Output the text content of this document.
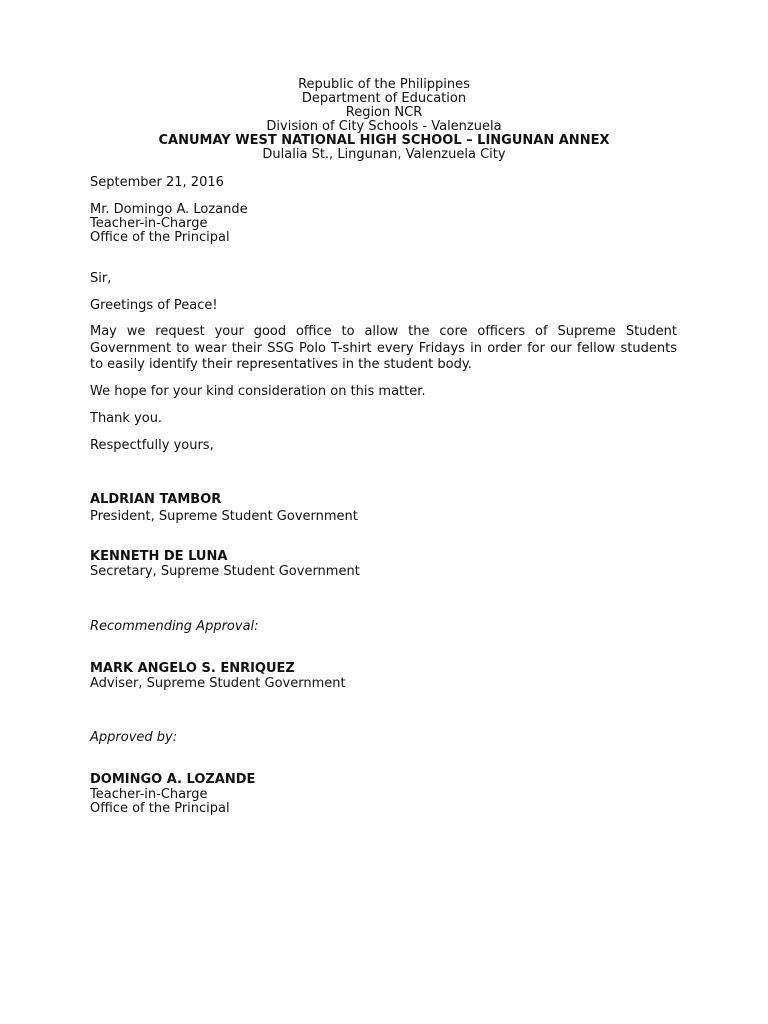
Republic of the Philippines
Department of Education
Region NCR
Division of City Schools - Valenzuela
CANUMAY WEST NATIONAL HIGH SCHOOL – LINGUNAN ANNEX
Dulalia St., Lingunan, Valenzuela City
September 21, 2016
Mr. Domingo A. Lozande
Teacher-in-Charge
Office of the Principal
Sir,
Greetings of Peace!
May we request your good office to allow the core officers of Supreme Student Government to wear their SSG Polo T-shirt every Fridays in order for our fellow students to easily identify their representatives in the student body.
We hope for your kind consideration on this matter.
Thank you.
Respectfully yours,
ALDRIAN TAMBOR
President, Supreme Student Government
KENNETH DE LUNA
Secretary, Supreme Student Government
Recommending Approval:
MARK ANGELO S. ENRIQUEZ
Adviser, Supreme Student Government
Approved by:
DOMINGO A. LOZANDE
Teacher-in-Charge
Office of the Principal
